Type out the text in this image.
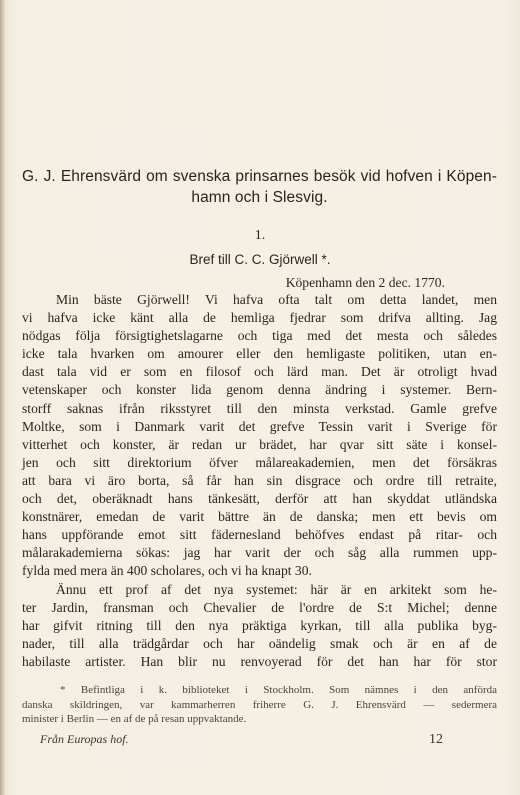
G. J. Ehrensvärd om svenska prinsarnes besök vid hofven i Köpen-
hamn och i Slesvig.
1.
Bref till C. C. Gjörwell *.
Köpenhamn den 2 dec. 1770.
Min bäste Gjörwell! Vi hafva ofta talt om detta landet, men
vi hafva icke känt alla de hemliga fjedrar som drifva allting. Jag
nödgas följa försigtighetslagarne och tiga med det mesta och således
icke tala hvarken om amourer eller den hemligaste politiken, utan en-
dast tala vid er som en filosof och lärd man. Det är otroligt hvad
vetenskaper och konster lida genom denna ändring i systemer. Bern-
storff saknas ifrån riksstyret till den minsta verkstad. Gamle grefve
Moltke, som i Danmark varit det grefve Tessin varit i Sverige för
vitterhet och konster, är redan ur brädet, har qvar sitt säte i konsel-
jen och sitt direktorium öfver målareakademien, men det försäkras
att bara vi äro borta, så får han sin disgrace och ordre till retraite,
och det, oberäknadt hans tänkesätt, derför att han skyddat utländska
konstnärer, emedan de varit bättre än de danska; men ett bevis om
hans uppförande emot sitt fädernesland behöfves endast på ritar- och
målarakademierna sökas: jag har varit der och såg alla rummen upp-
fylda med mera än 400 scholares, och vi ha knapt 30.
Ännu ett prof af det nya systemet: här är en arkitekt som he-
ter Jardin, fransman och Chevalier de l'ordre de S:t Michel; denne
har gifvit ritning till den nya präktiga kyrkan, till alla publika byg-
nader, till alla trädgårdar och har oändelig smak och är en af de
habilaste artister. Han blir nu renvoyerad för det han har för stor
* Befintliga i k. biblioteket i Stockholm. Som nämnes i den anförda
danska skildringen, var kammarherren friherre G. J. Ehrensvärd — sedermera
minister i Berlin — en af de på resan uppvaktande.
Från Europas hof.	12
